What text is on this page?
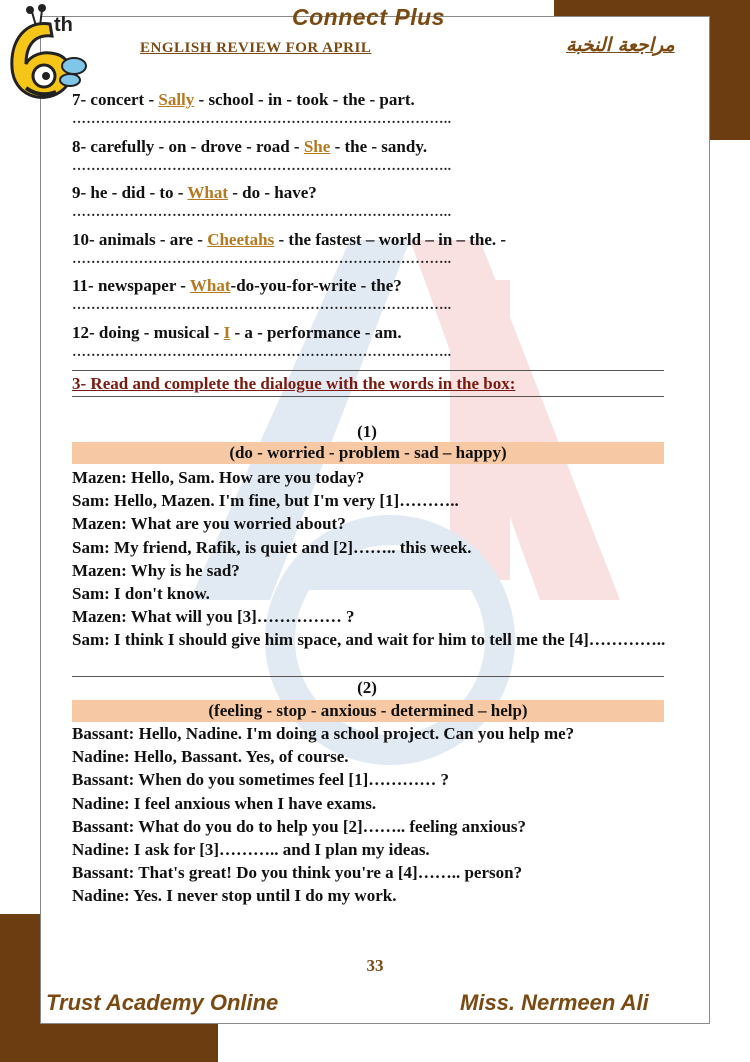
th	Connect Plus
ENGLISH REVIEW FOR APRIL	مراجعة النخبة
7- concert - Sally - school - in - took - the - part.
……………………………………………………………………..
8- carefully - on - drove - road - She - the - sandy.
……………………………………………………………………..
9- he - did - to - What - do - have?
……………………………………………………………………..
10- animals - are - Cheetahs - the fastest – world – in – the. -
……………………………………………………………………..
11- newspaper - What-do-you-for-write - the?
……………………………………………………………………..
12- doing - musical - I - a - performance - am.
……………………………………………………………………..
3- Read and complete the dialogue with the words in the box:
(1)
(do - worried - problem - sad – happy)
Mazen: Hello, Sam. How are you today?
Sam: Hello, Mazen. I'm fine, but I'm very [1]………..
Mazen: What are you worried about?
Sam: My friend, Rafik, is quiet and [2]…….. this week.
Mazen: Why is he sad?
Sam: I don't know.
Mazen: What will you [3]…………… ?
Sam: I think I should give him space, and wait for him to tell me the [4]…………..
(2)
(feeling - stop - anxious - determined – help)
Bassant: Hello, Nadine. I'm doing a school project. Can you help me?
Nadine: Hello, Bassant. Yes, of course.
Bassant: When do you sometimes feel [1]………… ?
Nadine: I feel anxious when I have exams.
Bassant: What do you do to help you [2]…….. feeling anxious?
Nadine: I ask for [3]……….. and I plan my ideas.
Bassant: That's great! Do you think you're a [4]…….. person?
Nadine: Yes. I never stop until I do my work.
33
Trust Academy Online	Miss. Nermeen Ali
